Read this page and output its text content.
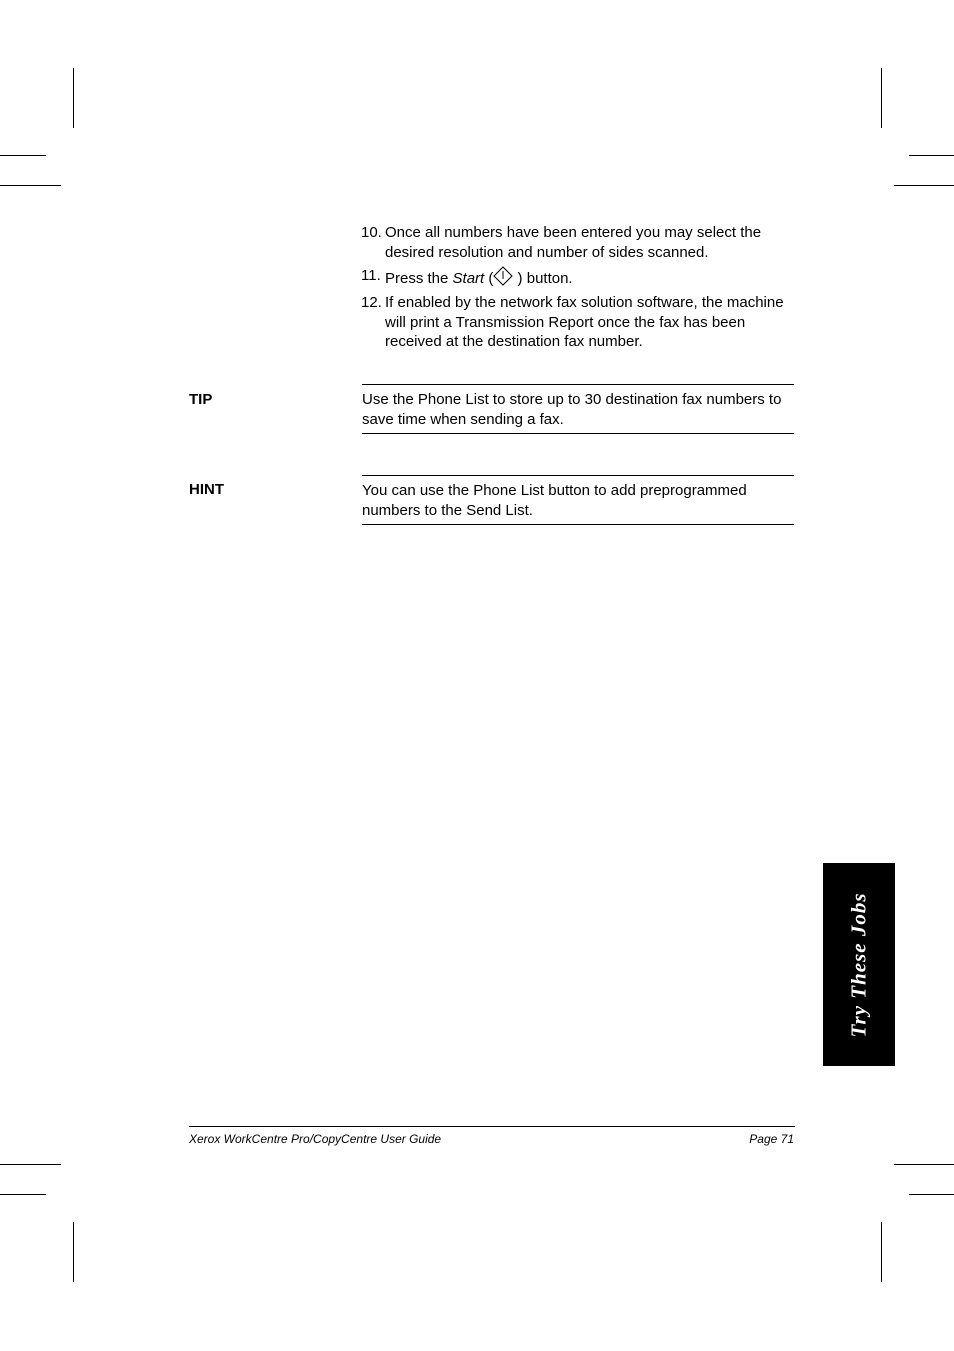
10. Once all numbers have been entered you may select the desired resolution and number of sides scanned.
11. Press the Start ( ) button.
12. If enabled by the network fax solution software, the machine will print a Transmission Report once the fax has been received at the destination fax number.
TIP	Use the Phone List to store up to 30 destination fax numbers to save time when sending a fax.
HINT	You can use the Phone List button to add preprogrammed numbers to the Send List.
Try These Jobs
Xerox WorkCentre Pro/CopyCentre User Guide	Page 71
